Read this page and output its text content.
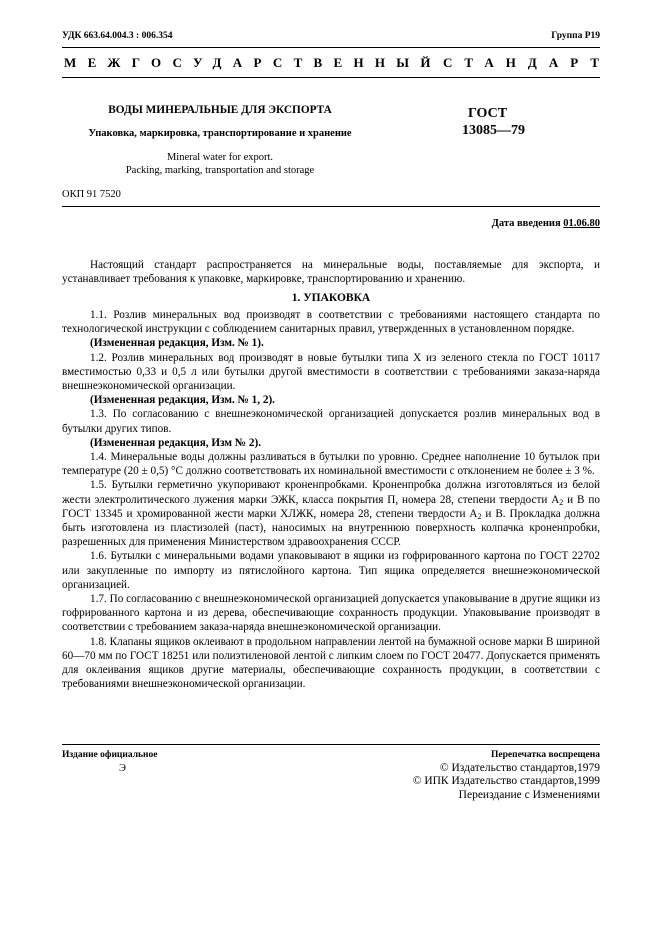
УДК 663.64.004.3 : 006.354	Группа Р19
МЕЖГОСУДАРСТВЕННЫЙ СТАНДАРТ
ВОДЫ МИНЕРАЛЬНЫЕ ДЛЯ ЭКСПОРТА
Упаковка, маркировка, транспортирование и хранение
Mineral water for export.
Packing, marking, transportation and storage
ГОСТ
13085—79
ОКП 91 7520
Дата введения 01.06.80

Настоящий стандарт распространяется на минеральные воды, поставляемые для экспорта, и устанавливает требования к упаковке, маркировке, транспортированию и хранению.

1. УПАКОВКА

1.1. Розлив минеральных вод производят в соответствии с требованиями настоящего стандарта по технологической инструкции с соблюдением санитарных правил, утвержденных в установленном порядке.

(Измененная редакция, Изм. № 1).

1.2. Розлив минеральных вод производят в новые бутылки типа X из зеленого стекла по ГОСТ 10117 вместимостью 0,33 и 0,5 л или бутылки другой вместимости в соответствии с требованиями заказа-наряда внешнеэкономической организации.

(Измененная редакция, Изм. № 1, 2).

1.3. По согласованию с внешнеэкономической организацией допускается розлив минеральных вод в бутылки других типов.

(Измененная редакция, Изм № 2).

1.4. Минеральные воды должны разливаться в бутылки по уровню. Среднее наполнение 10 бутылок при температуре (20 ± 0,5) °С должно соответствовать их номинальной вместимости с отклонением не более ± 3 %.

1.5. Бутылки герметично укупоривают кроненпробками. Кроненпробка должна изготовляться из белой жести электролитического лужения марки ЭЖК, класса покрытия П, номера 28, степени твердости $А_2$ и В по ГОСТ 13345 и хромированной жести марки ХЛЖК, номера 28, степени твердости $А_2$ и В. Прокладка должна быть изготовлена из пластизолей (паст), наносимых на внутреннюю поверхность колпачка кроненпробки, разрешенных для применения Министерством здравоохранения СССР.

1.6. Бутылки с минеральными водами упаковывают в ящики из гофрированного картона по ГОСТ 22702 или закупленные по импорту из пятислойного картона. Тип ящика определяется внешнеэкономической организацией.

1.7. По согласованию с внешнеэкономической организацией допускается упаковывание в другие ящики из гофрированного картона и из дерева, обеспечивающие сохранность продукции. Упаковывание производят в соответствии с требованием заказа-наряда внешнеэкономической организации.

1.8. Клапаны ящиков оклеивают в продольном направлении лентой на бумажной основе марки В шириной 60—70 мм по ГОСТ 18251 или полиэтиленовой лентой с липким слоем по ГОСТ 20477. Допускается применять для оклеивания ящиков другие материалы, обеспечивающие сохранность продукции, в соответствии с требованиями внешнеэкономической организации.

Издание официальное
Э
Перепечатка воспрещена
© Издательство стандартов,1979
© ИПК Издательство стандартов,1999
Переиздание с Изменениями
